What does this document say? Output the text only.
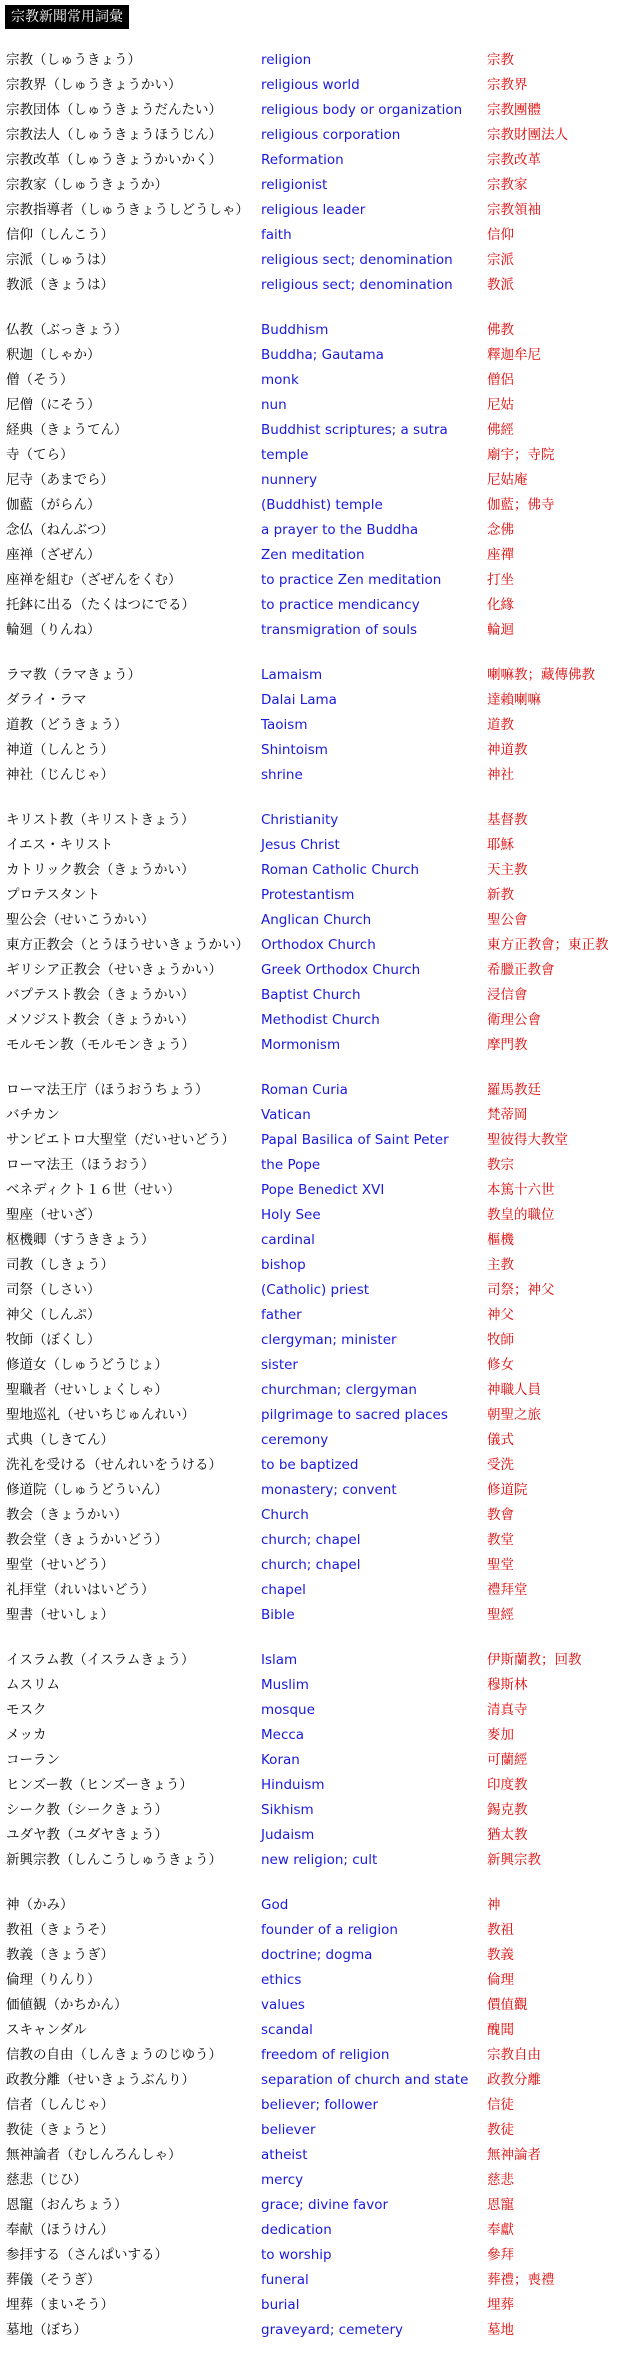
宗教新聞常用詞彙
宗教（しゅうきょう）	religion	宗教
宗教界（しゅうきょうかい）	religious world	宗教界
宗教団体（しゅうきょうだんたい）	religious body or organization 宗教團體
宗教法人（しゅうきょうほうじん）	religious corporation	宗教財團法人
宗教改革（しゅうきょうかいかく）	Reformation	宗教改革
宗教家（しゅうきょうか）	religionist	宗教家
宗教指導者（しゅうきょうしどうしゃ） religious leader	宗教領袖
信仰（しんこう）	faith	信仰
宗派（しゅうは）	religious sect; denomination	宗派
教派（きょうは）	religious sect; denomination	教派
仏教（ぶっきょう）	Buddhism	佛教
釈迦（しゃか）	Buddha; Gautama	釋迦牟尼
僧（そう）	monk	僧侶
尼僧（にそう）	nun	尼姑
経典（きょうてん）	Buddhist scriptures; a sutra	佛經
寺（てら）	temple	廟宇；寺院
尼寺（あまでら）	nunnery	尼姑庵
伽藍（がらん）	(Buddhist) temple	伽藍；佛寺
念仏（ねんぶつ）	a prayer to the Buddha	念佛
座禅（ざぜん）	Zen meditation	座禪
座禅を組む（ざぜんをくむ）	to practice Zen meditation	打坐
托鉢に出る（たくはつにでる）	to practice mendicancy	化緣
輪廻（りんね）	transmigration of souls	輪迴
ラマ教（ラマきょう）	Lamaism	喇嘛教；藏傳佛教
ダライ・ラマ	Dalai Lama	達賴喇嘛
道教（どうきょう）	Taoism	道教
神道（しんとう）	Shintoism	神道教
神社（じんじゃ）	shrine	神社
キリスト教（キリストきょう）	Christianity	基督教
イエス・キリスト	Jesus Christ	耶穌
カトリック教会（きょうかい）	Roman Catholic Church	天主教
プロテスタント	Protestantism	新教
聖公会（せいこうかい）	Anglican Church	聖公會
東方正教会（とうほうせいきょうかい） Orthodox Church	東方正教會；東正教
ギリシア正教会（せいきょうかい）	Greek Orthodox Church	希臘正教會
バプテスト教会（きょうかい）	Baptist Church	浸信會
メソジスト教会（きょうかい）	Methodist Church	衛理公會
モルモン教（モルモンきょう）	Mormonism	摩門教
ローマ法王庁（ほうおうちょう）	Roman Curia	羅馬教廷
バチカン	Vatican	梵蒂岡
サンピエトロ大聖堂（だいせいどう） Papal Basilica of Saint Peter	聖彼得大教堂
ローマ法王（ほうおう）	the Pope	教宗
ベネディクト１６世（せい）	Pope Benedict XVI	本篤十六世
聖座（せいざ）	Holy See	教皇的職位
枢機卿（すうききょう）	cardinal	樞機
司教（しきょう）	bishop	主教
司祭（しさい）	(Catholic) priest	司祭；神父
神父（しんぷ）	father	神父
牧師（ぼくし）	clergyman; minister	牧師
修道女（しゅうどうじょ）	sister	修女
聖職者（せいしょくしゃ）	churchman; clergyman	神職人員
聖地巡礼（せいちじゅんれい）	pilgrimage to sacred places	朝聖之旅
式典（しきてん）	ceremony	儀式
洗礼を受ける（せんれいをうける）	to be baptized	受洗
修道院（しゅうどういん）	monastery; convent	修道院
教会（きょうかい）	Church	教會
教会堂（きょうかいどう）	church; chapel	教堂
聖堂（せいどう）	church; chapel	聖堂
礼拝堂（れいはいどう）	chapel	禮拜堂
聖書（せいしょ）	Bible	聖經
イスラム教（イスラムきょう）	Islam	伊斯蘭教；回教
ムスリム	Muslim	穆斯林
モスク	mosque	清真寺
メッカ	Mecca	麥加
コーラン	Koran	可蘭經
ヒンズー教（ヒンズーきょう）	Hinduism	印度教
シーク教（シークきょう）	Sikhism	錫克教
ユダヤ教（ユダヤきょう）	Judaism	猶太教
新興宗教（しんこうしゅうきょう）	new religion; cult	新興宗教
神（かみ）	God	神
教祖（きょうそ）	founder of a religion	教祖
教義（きょうぎ）	doctrine; dogma	教義
倫理（りんり）	ethics	倫理
価値観（かちかん）	values	價值觀
スキャンダル	scandal	醜聞
信教の自由（しんきょうのじゆう）	freedom of religion	宗教自由
政教分離（せいきょうぶんり）	separation of church and state 政教分離
信者（しんじゃ）	believer; follower	信徒
教徒（きょうと）	believer	教徒
無神論者（むしんろんしゃ）	atheist	無神論者
慈悲（じひ）	mercy	慈悲
恩寵（おんちょう）	grace; divine favor	恩寵
奉献（ほうけん）	dedication	奉獻
参拝する（さんぱいする）	to worship	參拜
葬儀（そうぎ）	funeral	葬禮；喪禮
埋葬（まいそう）	burial	埋葬
墓地（ぼち）	graveyard; cemetery	墓地
